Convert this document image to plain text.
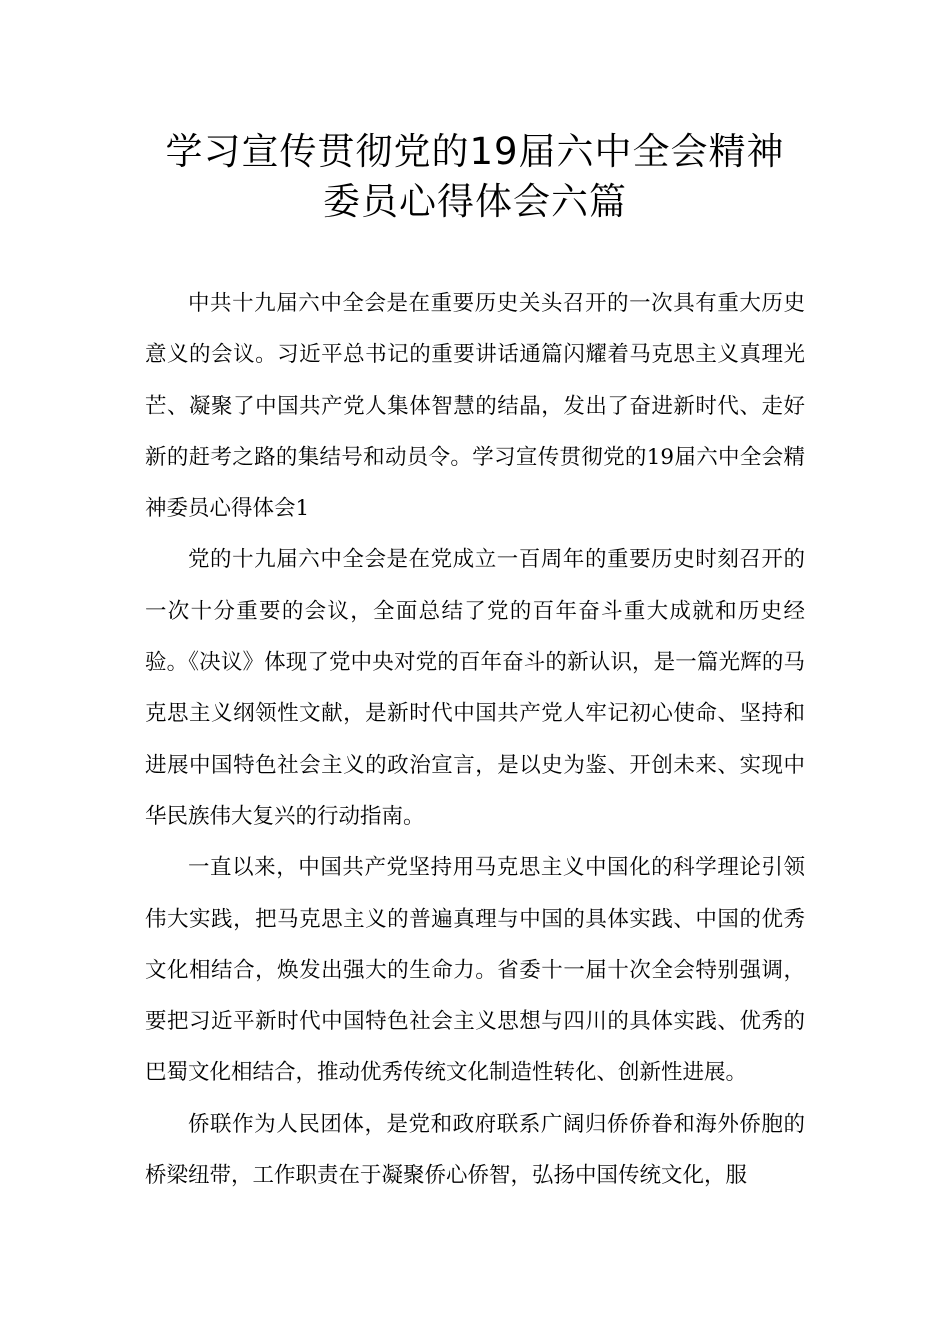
学习宣传贯彻党的19届六中全会精神
委员心得体会六篇

中共十九届六中全会是在重要历史关头召开的一次具有重大历史意义的会议。习近平总书记的重要讲话通篇闪耀着马克思主义真理光芒、凝聚了中国共产党人集体智慧的结晶，发出了奋进新时代、走好新的赶考之路的集结号和动员令。学习宣传贯彻党的19届六中全会精神委员心得体会1

党的十九届六中全会是在党成立一百周年的重要历史时刻召开的一次十分重要的会议，全面总结了党的百年奋斗重大成就和历史经验。《决议》体现了党中央对党的百年奋斗的新认识，是一篇光辉的马克思主义纲领性文献，是新时代中国共产党人牢记初心使命、坚持和进展中国特色社会主义的政治宣言，是以史为鉴、开创未来、实现中华民族伟大复兴的行动指南。

一直以来，中国共产党坚持用马克思主义中国化的科学理论引领伟大实践，把马克思主义的普遍真理与中国的具体实践、中国的优秀文化相结合，焕发出强大的生命力。省委十一届十次全会特别强调，要把习近平新时代中国特色社会主义思想与四川的具体实践、优秀的巴蜀文化相结合，推动优秀传统文化制造性转化、创新性进展。

侨联作为人民团体，是党和政府联系广阔归侨侨眷和海外侨胞的桥梁纽带，工作职责在于凝聚侨心侨智，弘扬中国传统文化，服
